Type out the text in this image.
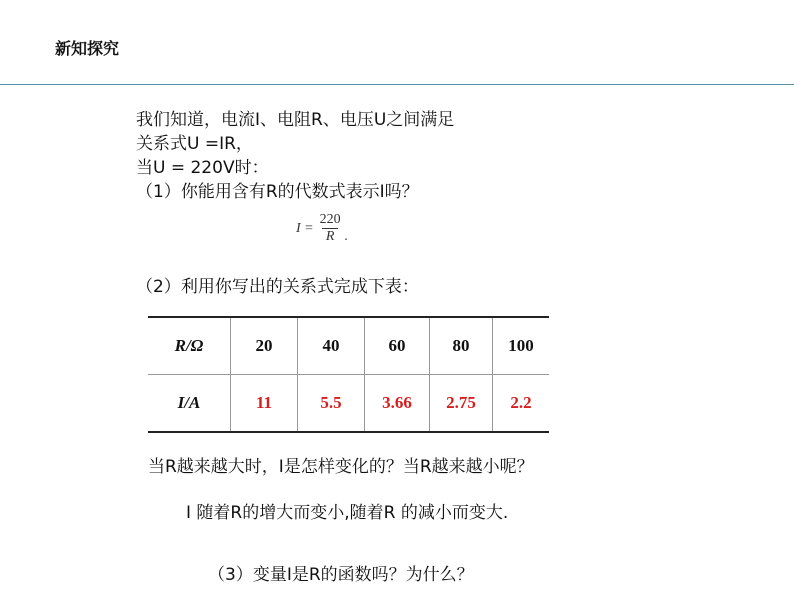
新知探究
我们知道，电流I、电阻R、电压U之间满足
关系式U =IR，
当U = 220V时：
（1）你能用含有R的代数式表示I吗？
$I = \frac{220}{R}$ .
（2）利用你写出的关系式完成下表：
R/Ω	20	40	60	80	100
I/A	11	5.5	3.66	2.75	2.2
当R越来越大时，I是怎样变化的？当R越来越小呢？
I 随着R的增大而变小,随着R 的减小而变大.
（3）变量I是R的函数吗？为什么？
